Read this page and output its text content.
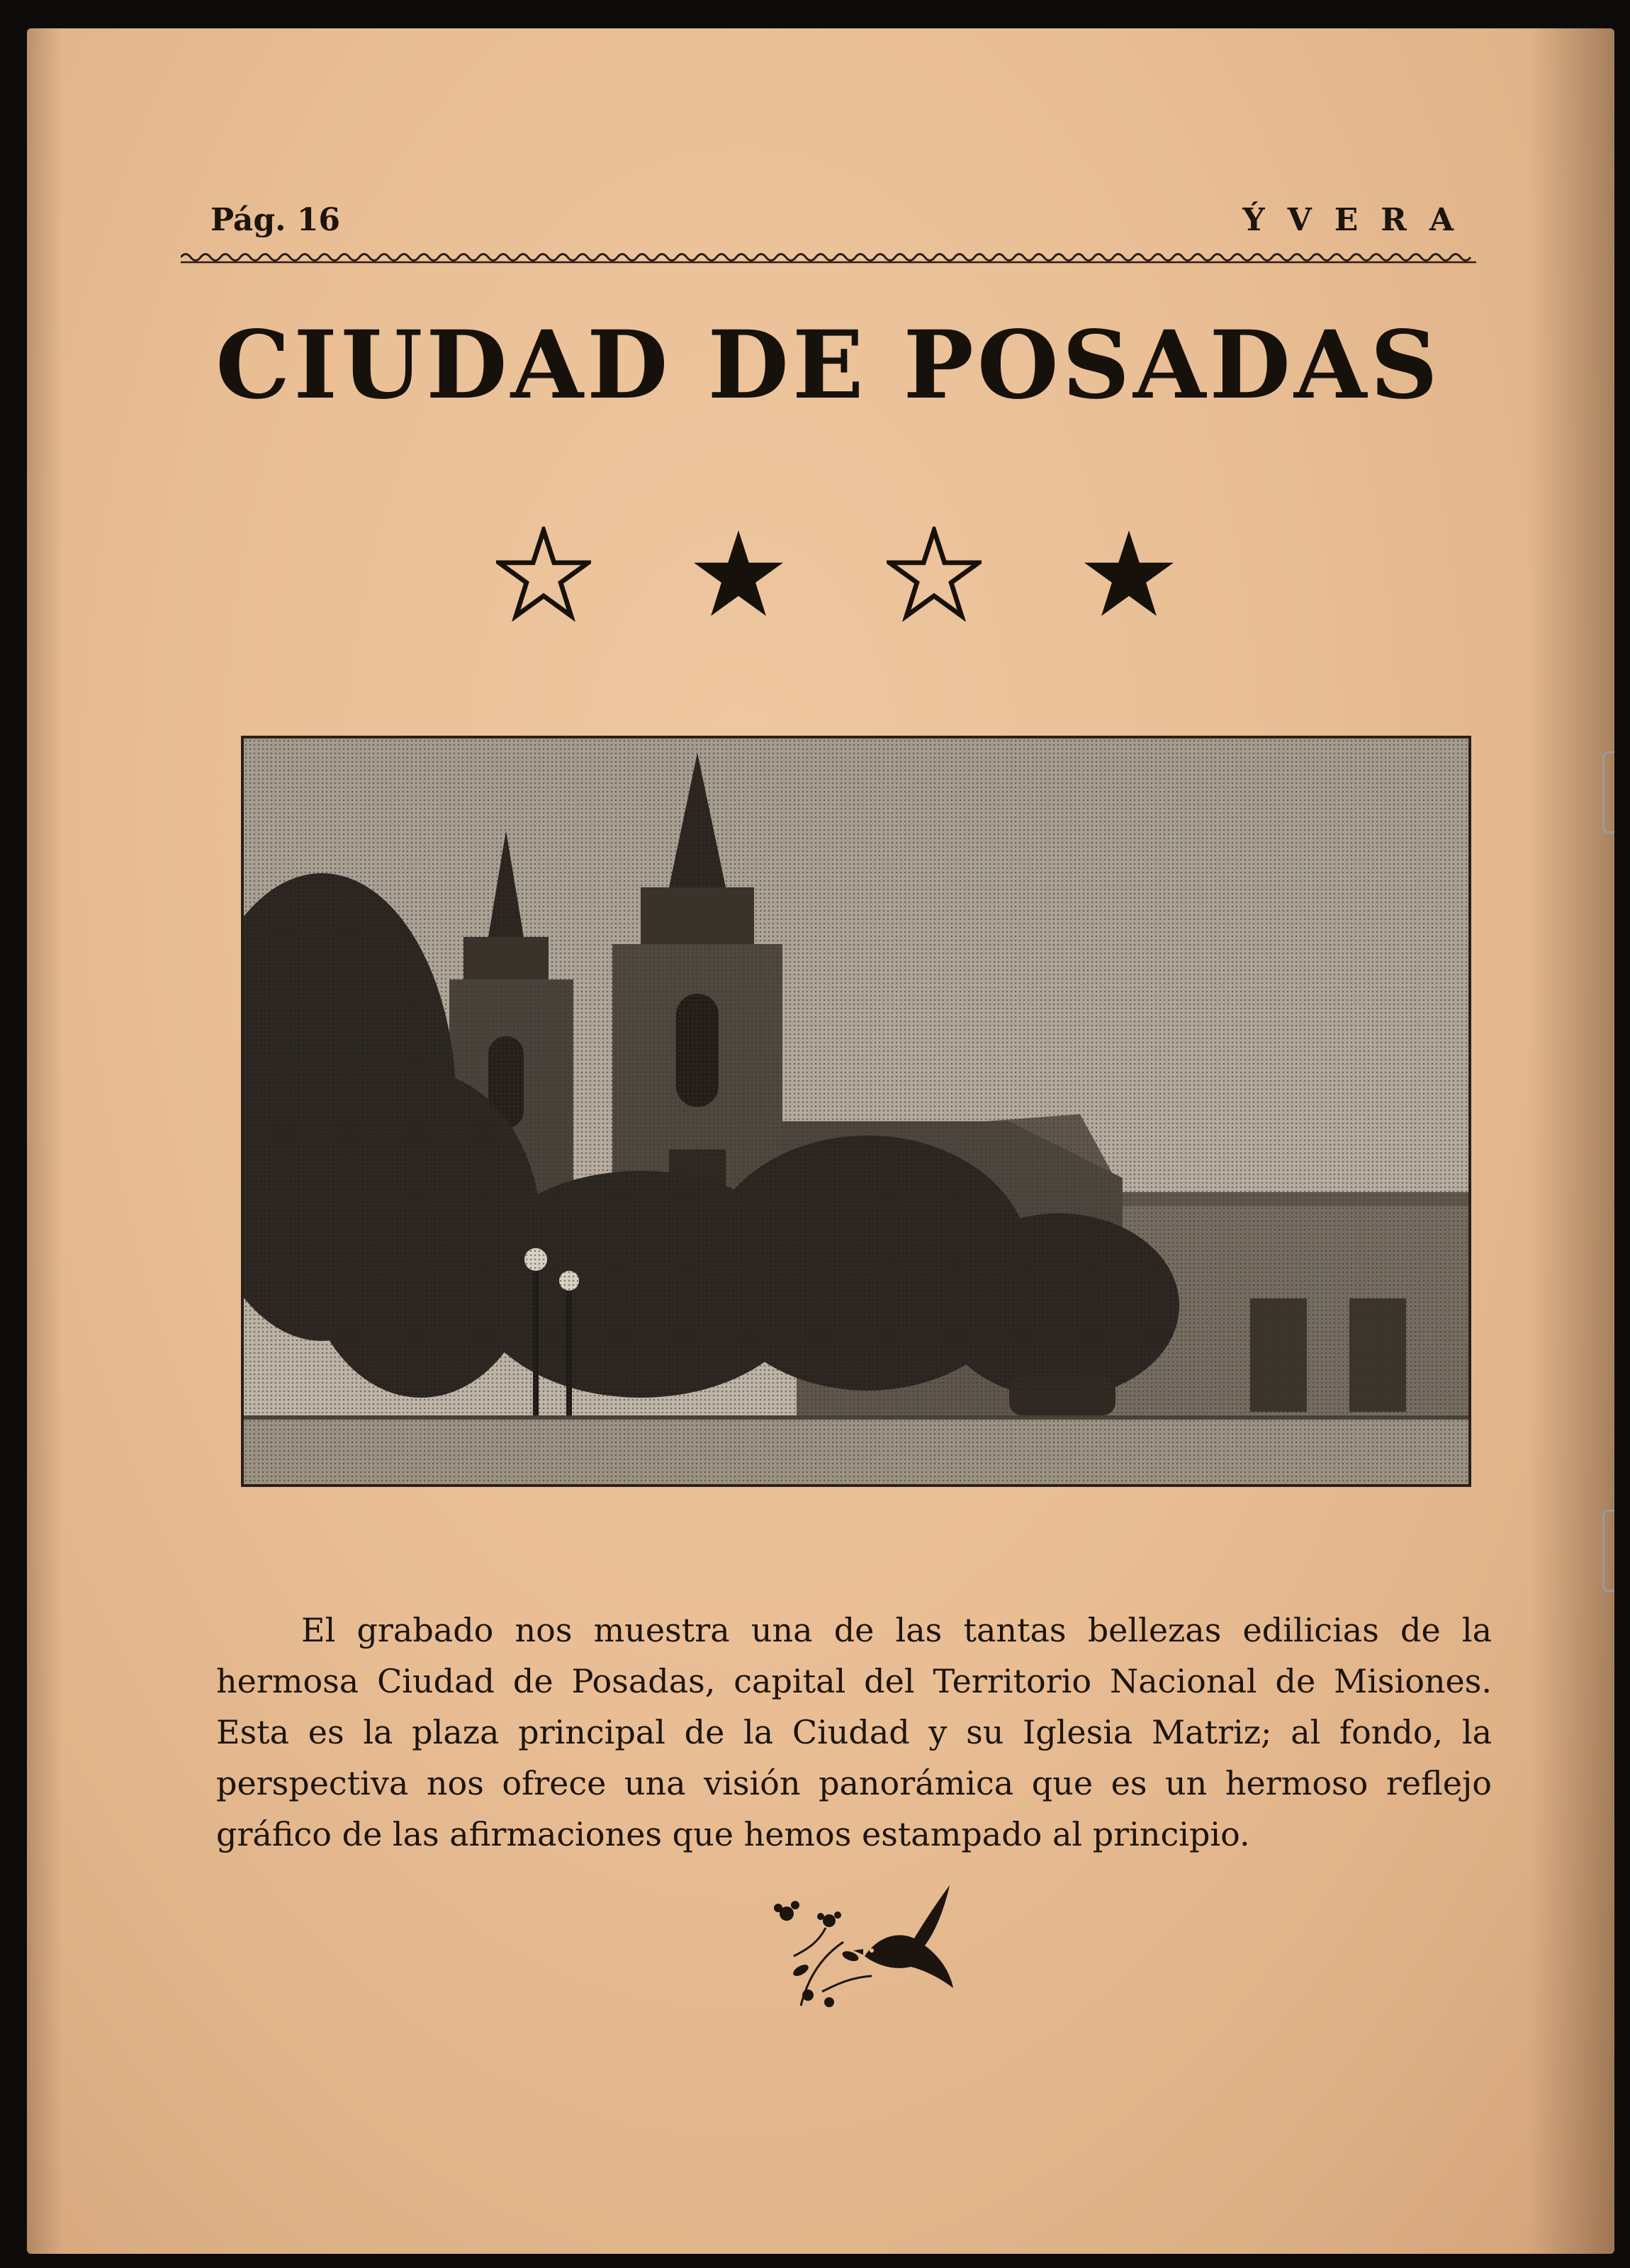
Pág. 16	ÝVERA
CIUDAD DE POSADAS

El grabado nos muestra una de las tantas bellezas edilicias de la hermosa Ciudad de Posadas, capital del Territorio Nacional de Misiones. Esta es la plaza principal de la Ciudad y su Iglesia Matriz; al fondo, la perspectiva nos ofrece una visión panorámica que es un hermoso reflejo gráfico de las afirmaciones que hemos estampado al principio.
